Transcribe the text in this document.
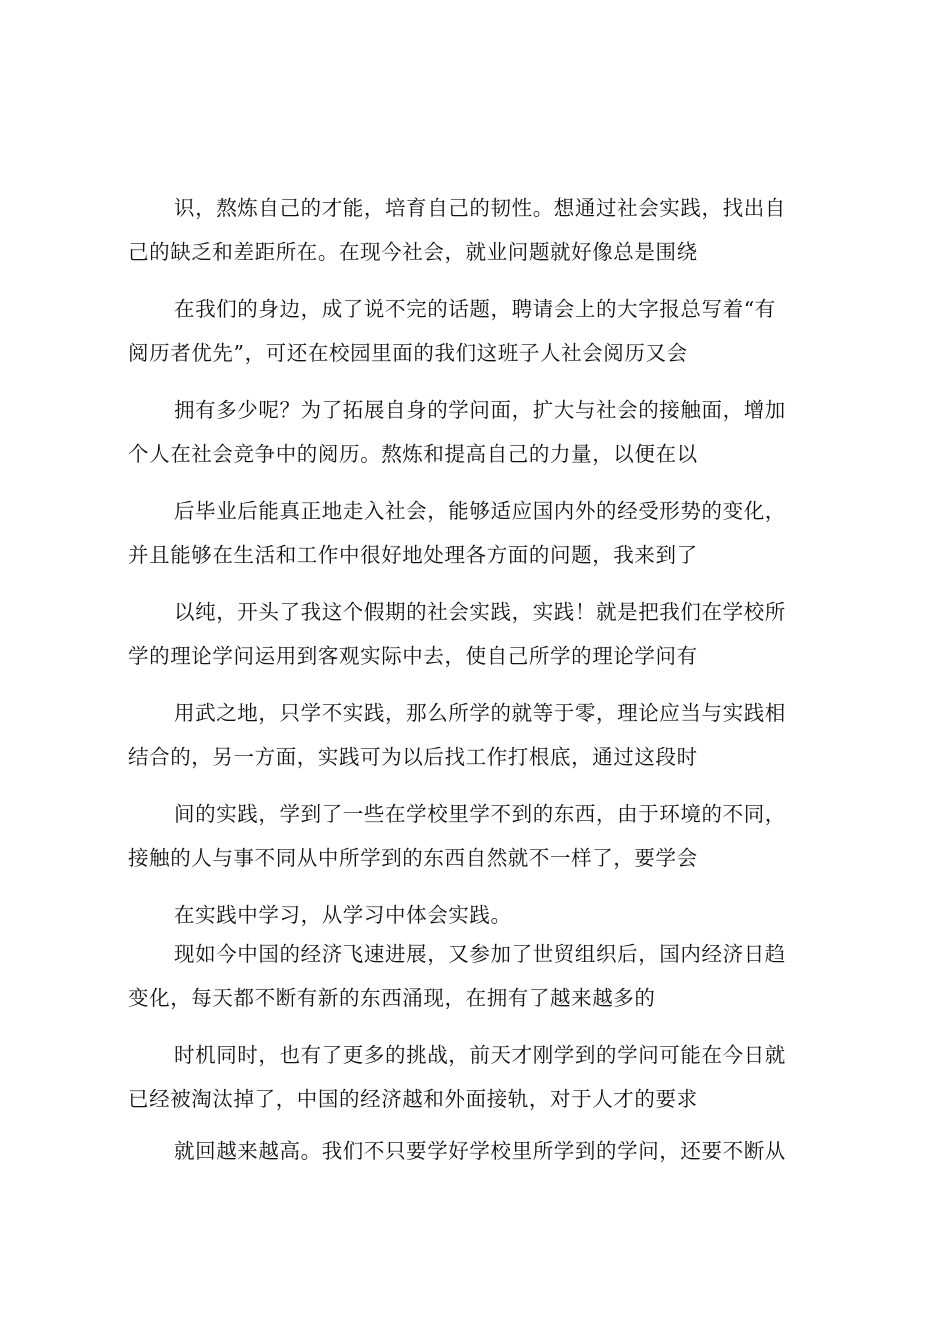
识，熬炼自己的才能，培育自己的韧性。想通过社会实践，找出自
己的缺乏和差距所在。在现今社会，就业问题就好像总是围绕
在我们的身边，成了说不完的话题，聘请会上的大字报总写着“有
阅历者优先”，可还在校园里面的我们这班子人社会阅历又会
拥有多少呢？为了拓展自身的学问面，扩大与社会的接触面，增加
个人在社会竞争中的阅历。熬炼和提高自己的力量，以便在以
后毕业后能真正地走入社会，能够适应国内外的经受形势的变化，
并且能够在生活和工作中很好地处理各方面的问题，我来到了
以纯，开头了我这个假期的社会实践，实践！就是把我们在学校所
学的理论学问运用到客观实际中去，使自己所学的理论学问有
用武之地，只学不实践，那么所学的就等于零，理论应当与实践相
结合的，另一方面，实践可为以后找工作打根底，通过这段时
间的实践，学到了一些在学校里学不到的东西，由于环境的不同，
接触的人与事不同从中所学到的东西自然就不一样了，要学会
在实践中学习，从学习中体会实践。
现如今中国的经济飞速进展，又参加了世贸组织后，国内经济日趋
变化，每天都不断有新的东西涌现，在拥有了越来越多的
时机同时，也有了更多的挑战，前天才刚学到的学问可能在今日就
已经被淘汰掉了，中国的经济越和外面接轨，对于人才的要求
就回越来越高。我们不只要学好学校里所学到的学问，还要不断从
